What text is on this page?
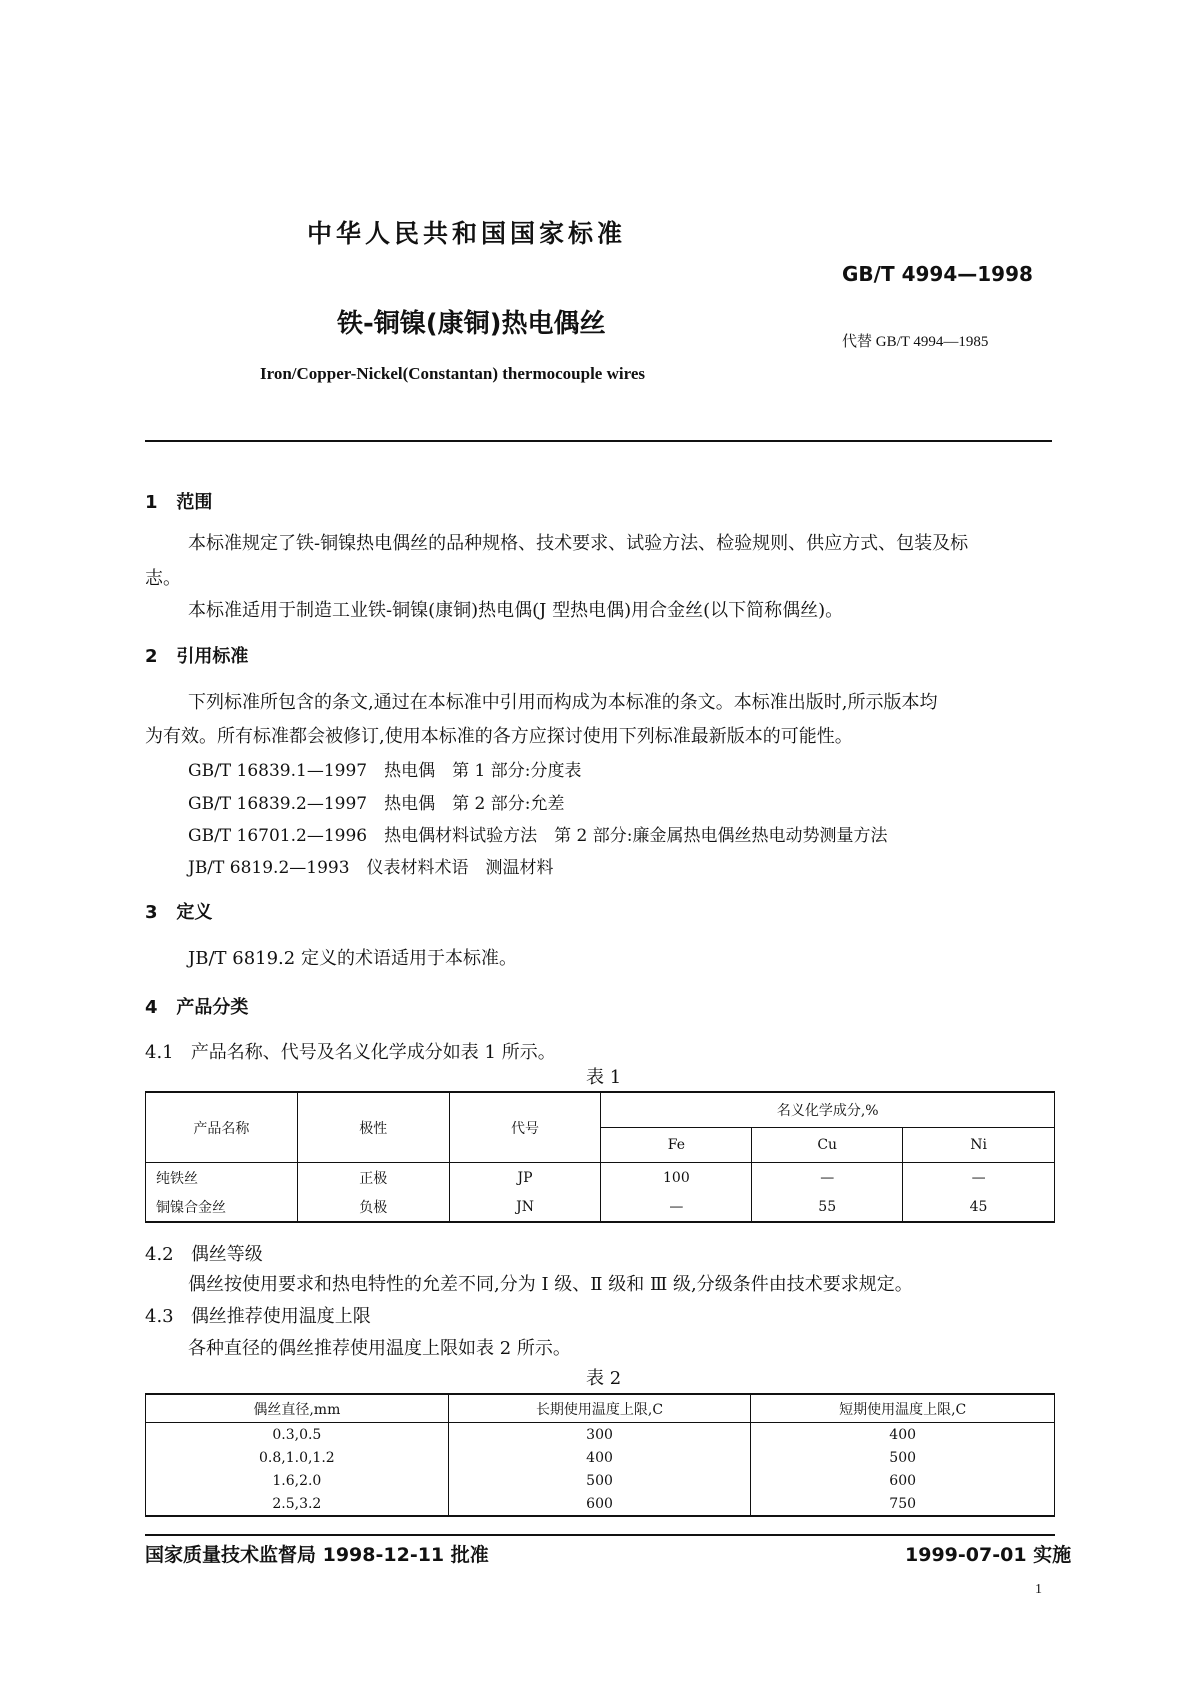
中华人民共和国国家标准
GB/T 4994—1998
铁-铜镍(康铜)热电偶丝
代替 GB/T 4994—1985
Iron/Copper-Nickel(Constantan) thermocouple wires
1 范围
本标准规定了铁-铜镍热电偶丝的品种规格、技术要求、试验方法、检验规则、供应方式、包装及标
志。
本标准适用于制造工业铁-铜镍(康铜)热电偶(J 型热电偶)用合金丝(以下简称偶丝)。
2 引用标准
下列标准所包含的条文,通过在本标准中引用而构成为本标准的条文。本标准出版时,所示版本均
为有效。所有标准都会被修订,使用本标准的各方应探讨使用下列标准最新版本的可能性。
GB/T 16839.1—1997　热电偶　第 1 部分:分度表
GB/T 16839.2—1997　热电偶　第 2 部分:允差
GB/T 16701.2—1996　热电偶材料试验方法　第 2 部分:廉金属热电偶丝热电动势测量方法
JB/T 6819.2—1993　仪表材料术语　测温材料
3 定义
JB/T 6819.2 定义的术语适用于本标准。
4 产品分类
4.1 产品名称、代号及名义化学成分如表 1 所示。
表 1
产品名称	极性	代号	名义化学成分,%		
			Fe	Cu	Ni
纯铁丝	正极	JP	100	—	—
铜镍合金丝	负极	JN	—	55	45
4.2 偶丝等级
偶丝按使用要求和热电特性的允差不同,分为 Ⅰ 级、Ⅱ 级和 Ⅲ 级,分级条件由技术要求规定。
4.3 偶丝推荐使用温度上限
各种直径的偶丝推荐使用温度上限如表 2 所示。
表 2
偶丝直径,mm	长期使用温度上限,C	短期使用温度上限,C
0.3,0.5	300	400
0.8,1.0,1.2	400	500
1.6,2.0	500	600
2.5,3.2	600	750
国家质量技术监督局 1998-12-11 批准	1999-07-01 实施
1
